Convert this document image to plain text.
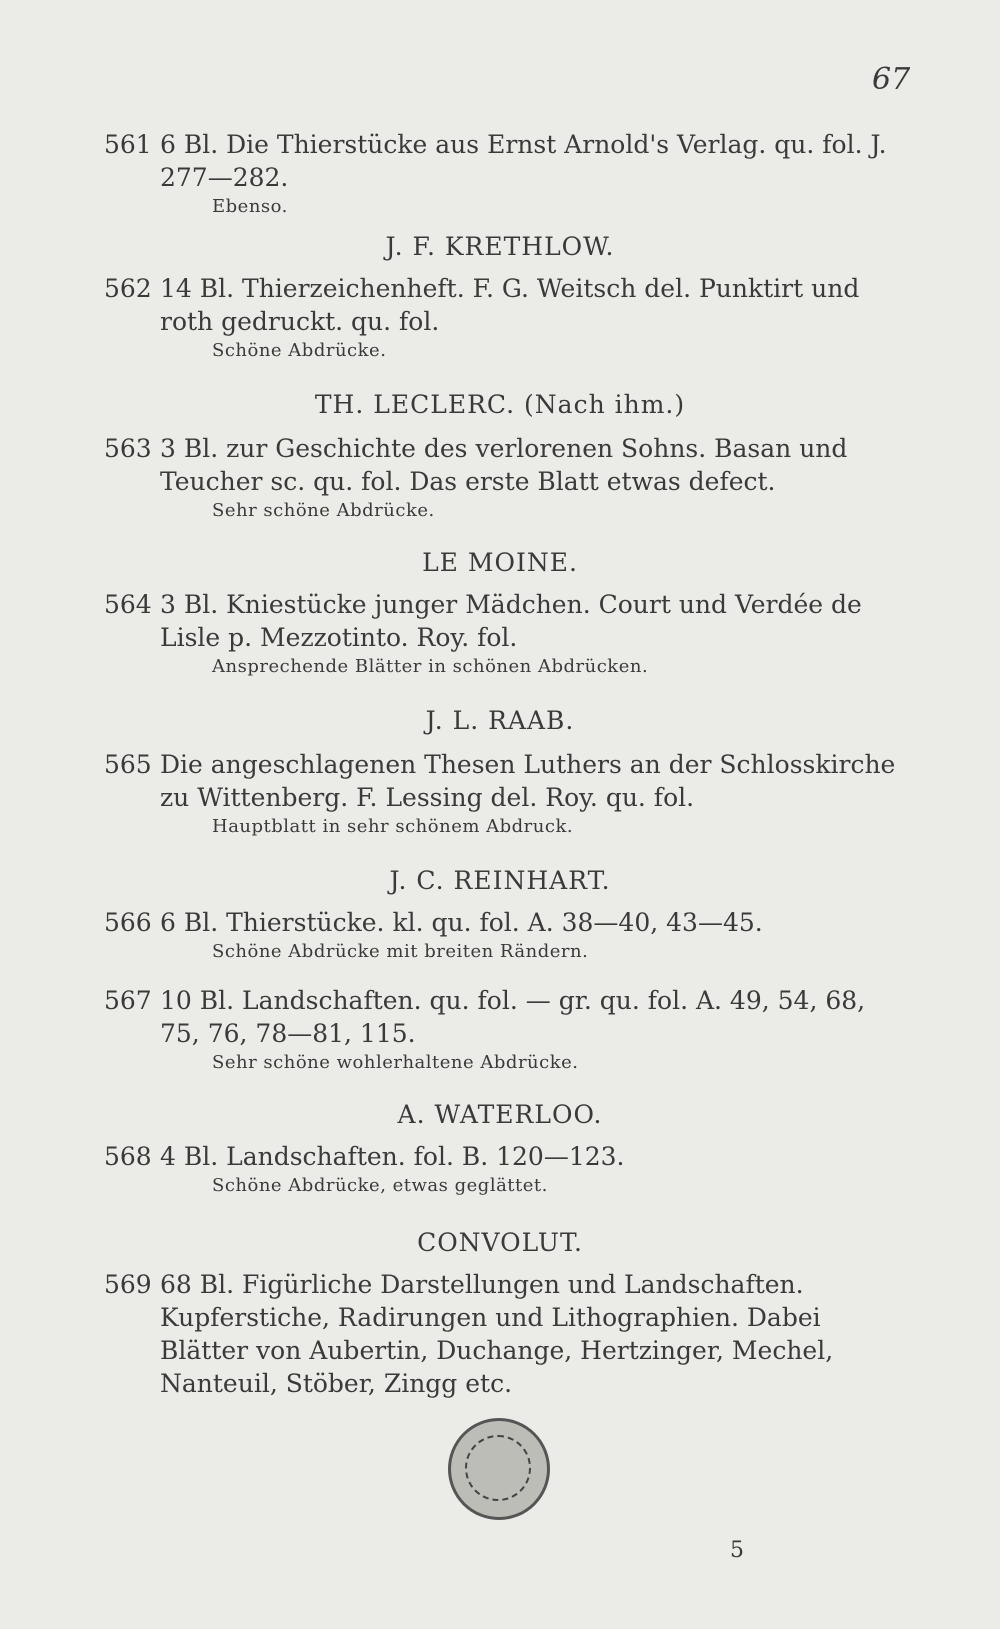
67
561 6 Bl. Die Thierstücke aus Ernst Arnold's Verlag. qu. fol. J. 277—282.
Ebenso.
J. F. KRETHLOW.
562 14 Bl. Thierzeichenheft. F. G. Weitsch del. Punktirt und roth gedruckt. qu. fol.
Schöne Abdrücke.
TH. LECLERC. (Nach ihm.)
563 3 Bl. zur Geschichte des verlorenen Sohns. Basan und Teucher sc. qu. fol. Das erste Blatt etwas defect.
Sehr schöne Abdrücke.
LE MOINE.
564 3 Bl. Kniestücke junger Mädchen. Court und Verdée de Lisle p. Mezzotinto. Roy. fol.
Ansprechende Blätter in schönen Abdrücken.
J. L. RAAB.
565 Die angeschlagenen Thesen Luthers an der Schlosskirche zu Wittenberg. F. Lessing del. Roy. qu. fol.
Hauptblatt in sehr schönem Abdruck.
J. C. REINHART.
566 6 Bl. Thierstücke. kl. qu. fol. A. 38—40, 43—45.
Schöne Abdrücke mit breiten Rändern.
567 10 Bl. Landschaften. qu. fol. — gr. qu. fol. A. 49, 54, 68, 75, 76, 78—81, 115.
Sehr schöne wohlerhaltene Abdrücke.
A. WATERLOO.
568 4 Bl. Landschaften. fol. B. 120—123.
Schöne Abdrücke, etwas geglättet.
CONVOLUT.
569 68 Bl. Figürliche Darstellungen und Landschaften. Kupferstiche, Radirungen und Lithographien. Dabei Blätter von Aubertin, Duchange, Hertzinger, Mechel, Nanteuil, Stöber, Zingg etc.
5
